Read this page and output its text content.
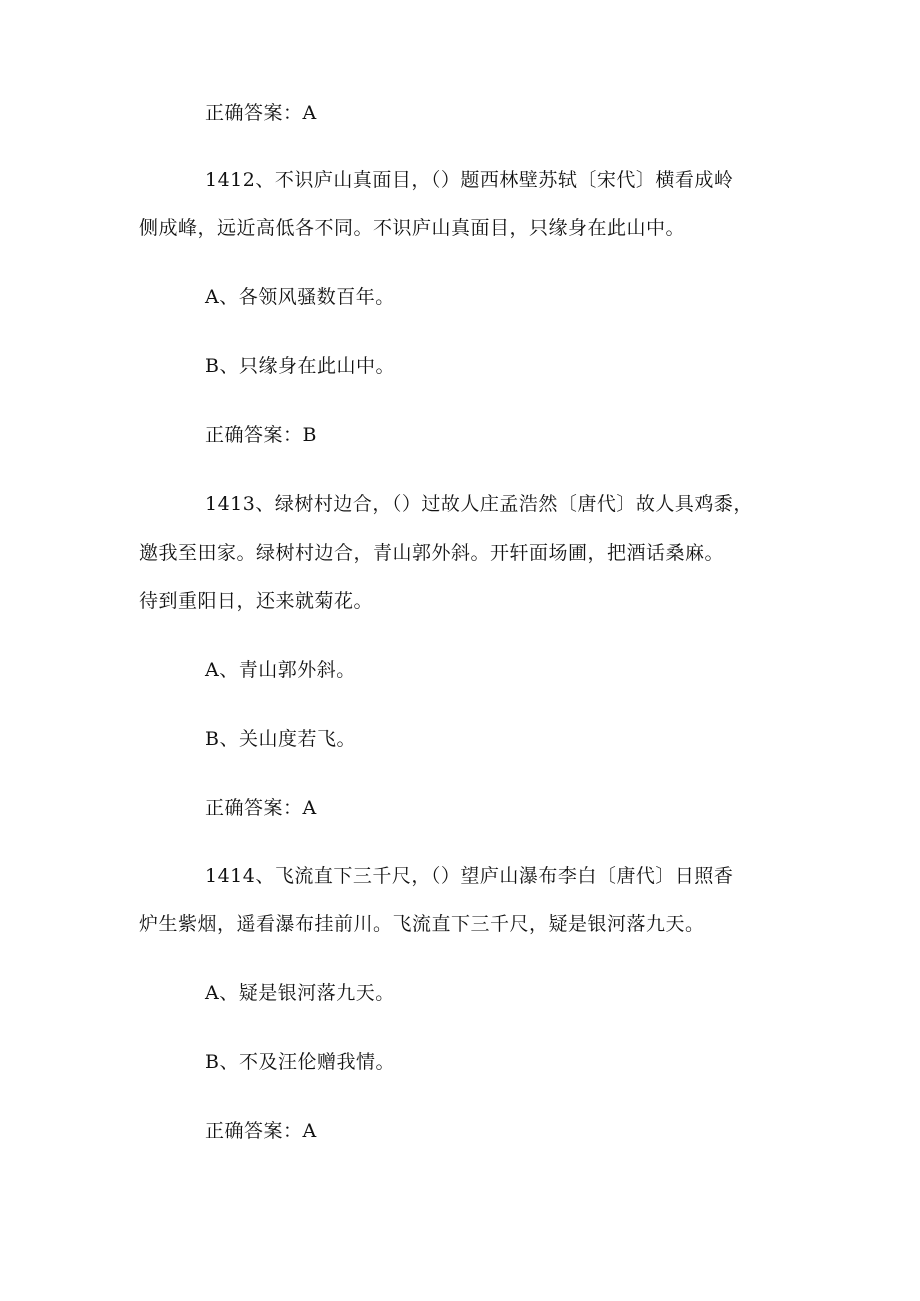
正确答案：A
1412、不识庐山真面目，（）题西林壁苏轼〔宋代〕横看成岭
侧成峰，远近高低各不同。不识庐山真面目，只缘身在此山中。
A、各领风骚数百年。
B、只缘身在此山中。
正确答案：B
1413、绿树村边合，（）过故人庄孟浩然〔唐代〕故人具鸡黍，
邀我至田家。绿树村边合，青山郭外斜。开轩面场圃，把酒话桑麻。
待到重阳日，还来就菊花。
A、青山郭外斜。
B、关山度若飞。
正确答案：A
1414、飞流直下三千尺，（）望庐山瀑布李白〔唐代〕日照香
炉生紫烟，遥看瀑布挂前川。飞流直下三千尺，疑是银河落九天。
A、疑是银河落九天。
B、不及汪伦赠我情。
正确答案：A
